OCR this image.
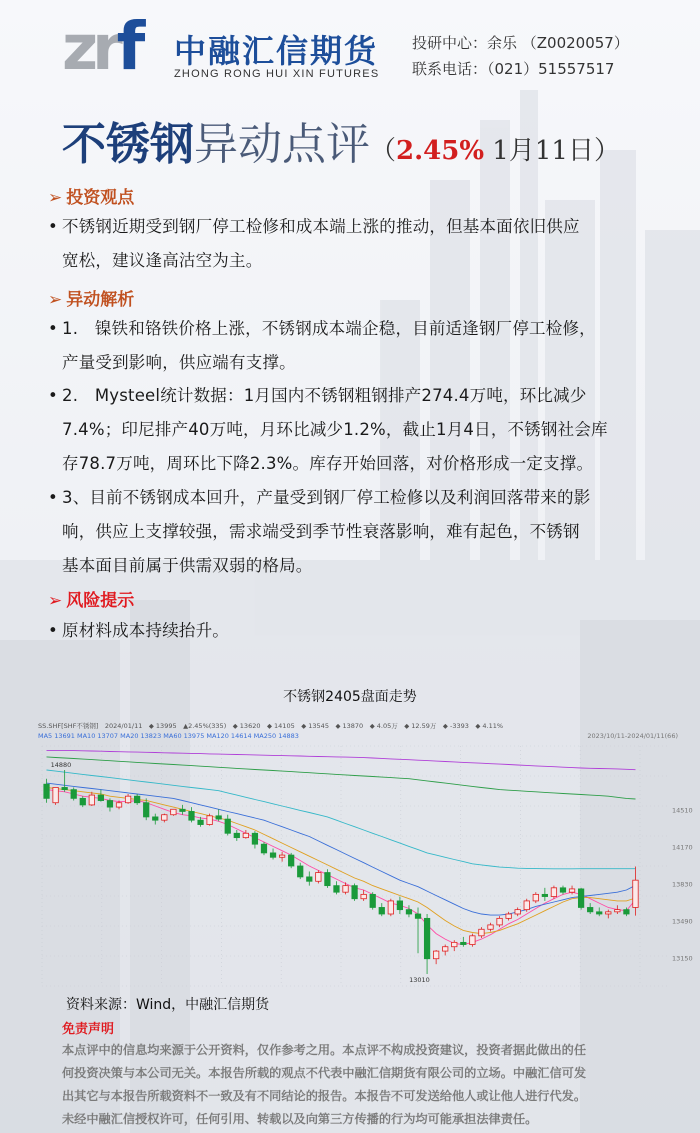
zrf 中融汇信期货
ZHONG RONG HUI XIN FUTURES
投研中心：余乐 （Z0020057）
联系电话：（021）51557517
不锈钢异动点评（2.45% 1月11日）
➢ 投资观点
• 不锈钢近期受到钢厂停工检修和成本端上涨的推动，但基本面依旧供应
宽松，建议逢高沽空为主。
➢ 异动解析
• 1.　镍铁和铬铁价格上涨，不锈钢成本端企稳，目前适逢钢厂停工检修，
产量受到影响，供应端有支撑。
• 2.　Mysteel统计数据：1月国内不锈钢粗钢排产274.4万吨，环比减少
7.4%；印尼排产40万吨，月环比减少1.2%，截止1月4日，不锈钢社会库
存78.7万吨，周环比下降2.3%。库存开始回落，对价格形成一定支撑。
• 3、目前不锈钢成本回升，产量受到钢厂停工检修以及利润回落带来的影
响，供应上支撑较强，需求端受到季节性衰落影响，难有起色，不锈钢
基本面目前属于供需双弱的格局。
➢ 风险提示
• 原材料成本持续抬升。
不锈钢2405盘面走势
SS.SHF[SHF不锈钢]　2024/01/11　◆ 13995　▲2.45%(335)　◆ 13620　◆ 14105　◆ 13545　◆ 13870　◆ 4.05万　◆ 12.59万　◆ -3393　◆ 4.11%
MA5 13691 MA10 13707 MA20 13823 MA60 13975 MA120 14614 MA250 14883	2023/10/11-2024/01/11(66)
14510
14170
13830
13490
13150
14880
13010
资料来源：Wind，中融汇信期货
免责声明
本点评中的信息均来源于公开资料，仅作参考之用。本点评不构成投资建议，投资者据此做出的任
何投资决策与本公司无关。本报告所载的观点不代表中融汇信期货有限公司的立场。中融汇信可发
出其它与本报告所载资料不一致及有不同结论的报告。本报告不可发送给他人或让他人进行代发。
未经中融汇信授权许可，任何引用、转载以及向第三方传播的行为均可能承担法律责任。
